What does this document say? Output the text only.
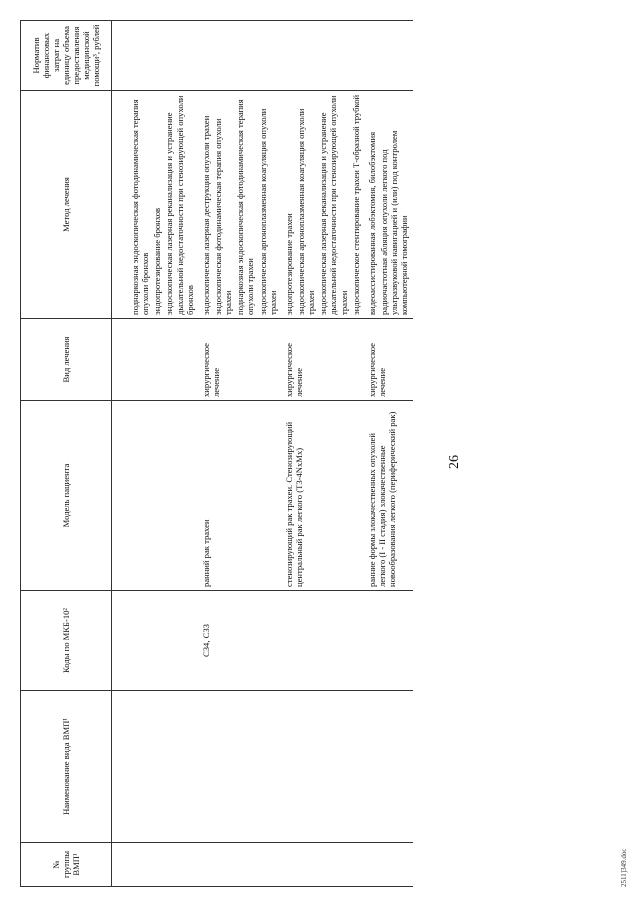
26
№ группы ВМП¹	Наименование вида ВМП¹	Коды по МКБ-10²	Модель пациента	Вид лечения	Метод лечения	Норматив финансовых затрат на единицу объема предоставления медицинской помощи³, рублей

					поднаркозная эндоскопическая фотодинамическая терапия опухоли бронхов эндопротезирование бронхов эндоскопическая лазерная реканализация и устранение дыхательной недостаточности при стенозирующей опухоли бронхов	

		С34, С33	ранний рак трахеи	хирургическое лечение	эндоскопическая лазерная деструкция опухоли трахеи эндоскопическая фотодинамическая терапия опухоли трахеи поднаркозная эндоскопическая фотодинамическая терапия опухоли трахеи эндоскопическая аргоноплазменная коагуляция опухоли трахеи	

			стенозирующий рак трахеи. Стенозирующий центральный рак легкого (T3-4NxMx)	хирургическое лечение	эндопротезирование трахеи эндоскопическая аргоноплазменная коагуляция опухоли трахеи эндоскопическая лазерная реканализация и устранение дыхательной недостаточности при стенозирующей опухоли трахеи эндоскопическое стентирование трахеи Т-образной трубкой	

			ранние формы злокачественных опухолей легкого (I - II стадия) злокачественные новообразования легкого (периферический рак)	хирургическое лечение	видеоассистированная лобэктомия, билобэктомия радиочастотная абляция опухоли легкого под ультразвуковой навигацией и (или) под контролем компьютерной томографии	

2511]349.doc
